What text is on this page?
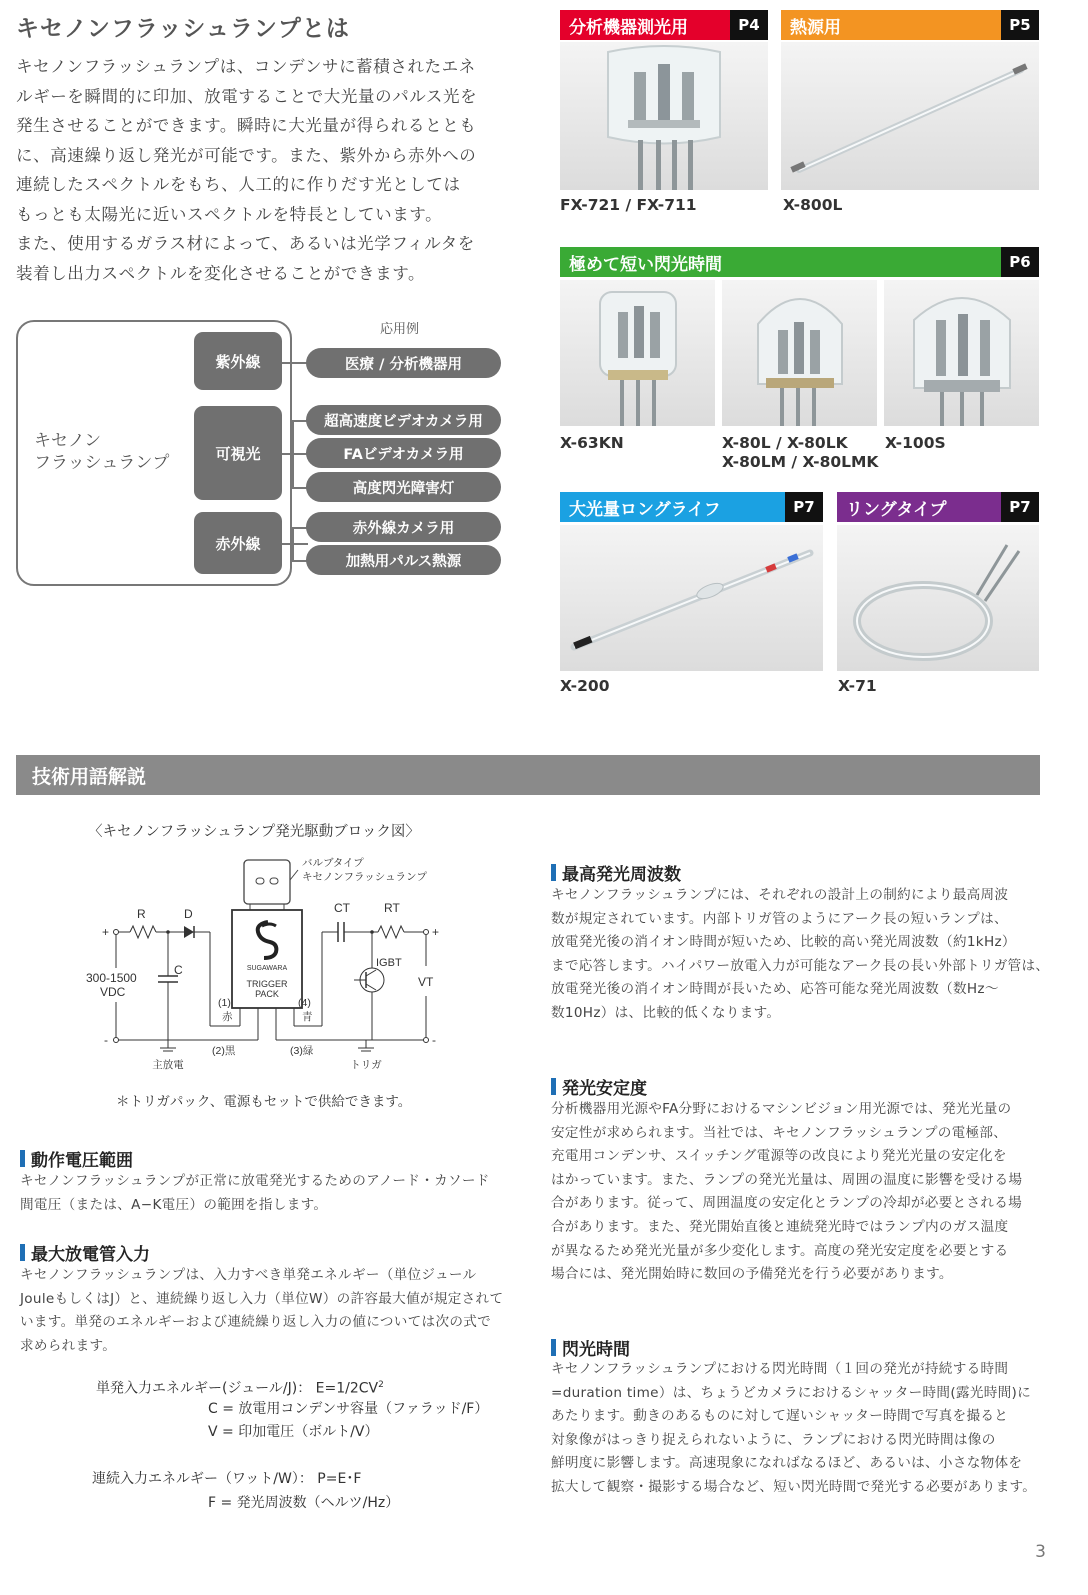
キセノンフラッシュランプとは
キセノンフラッシュランプは、コンデンサに蓄積されたエネ
ルギーを瞬間的に印加、放電することで大光量のパルス光を
発生させることができます。瞬時に大光量が得られるととも
に、高速繰り返し発光が可能です。また、紫外から赤外への
連続したスペクトルをもち、人工的に作りだす光としては
もっとも太陽光に近いスペクトルを特長としています。
また、使用するガラス材によって、あるいは光学フィルタを
装着し出力スペクトルを変化させることができます。
キセノン
フラッシュランプ
応用例
紫外線
可視光
赤外線
医療 / 分析機器用
超高速度ビデオカメラ用
FAビデオカメラ用
高度閃光障害灯
赤外線カメラ用
加熱用パルス熱源
分析機器測光用	P4
FX-721 / FX-711
熱源用	P5
X-800L
極めて短い閃光時間	P6
X-63KN	X-80L / X-80LK
X-80LM / X-80LMK
X-100S
大光量ロングライフ	P7
X-200
リングタイプ	P7
X-71
技術用語解説
〈キセノンフラッシュランプ発光駆動ブロック図〉
バルブタイプ
キセノンフラッシュランプ
SUGAWARA
TRIGGER
PACK
+
R	D
C
300-1500
VDC
-	-
主放電	トリガ
(1)
赤
(4)
青
(2)黒	(3)緑
CT	RT
+
VT
IGBT
＊トリガパック、電源もセットで供給できます。
動作電圧範囲
キセノンフラッシュランプが正常に放電発光するためのアノード・カソード
間電圧（または、A−K電圧）の範囲を指します。
最大放電管入力
キセノンフラッシュランプは、入力すべき単発エネルギー（単位ジュール
JouleもしくはJ）と、連続繰り返し入力（単位W）の許容最大値が規定されて
います。単発のエネルギーおよび連続繰り返し入力の値については次の式で
求められます。
単発入力エネルギー(ジュール/J)： $E=1/2CV^2$
C = 放電用コンデンサ容量（ファラッド/F）
V = 印加電圧（ボルト/V）
連続入力エネルギー（ワット/W）： P=E･F
F = 発光周波数（ヘルツ/Hz）
最高発光周波数
キセノンフラッシュランプには、それぞれの設計上の制約により最高周波
数が規定されています。内部トリガ管のようにアーク長の短いランプは、
放電発光後の消イオン時間が短いため、比較的高い発光周波数（約1kHz）
まで応答します。ハイパワー放電入力が可能なアーク長の長い外部トリガ管は、
放電発光後の消イオン時間が長いため、応答可能な発光周波数（数Hz〜
数10Hz）は、比較的低くなります。
発光安定度
分析機器用光源やFA分野におけるマシンビジョン用光源では、発光光量の
安定性が求められます。当社では、キセノンフラッシュランプの電極部、
充電用コンデンサ、スイッチング電源等の改良により発光光量の安定化を
はかっています。また、ランプの発光光量は、周囲の温度に影響を受ける場
合があります。従って、周囲温度の安定化とランプの冷却が必要とされる場
合があります。また、発光開始直後と連続発光時ではランプ内のガス温度
が異なるため発光光量が多少変化します。高度の発光安定度を必要とする
場合には、発光開始時に数回の予備発光を行う必要があります。
閃光時間
キセノンフラッシュランプにおける閃光時間（１回の発光が持続する時間
=duration time）は、ちょうどカメラにおけるシャッター時間(露光時間)に
あたります。動きのあるものに対して遅いシャッター時間で写真を撮ると
対象像がはっきり捉えられないように、ランプにおける閃光時間は像の
鮮明度に影響します。高速現象になればなるほど、あるいは、小さな物体を
拡大して観察・撮影する場合など、短い閃光時間で発光する必要があります。
3
